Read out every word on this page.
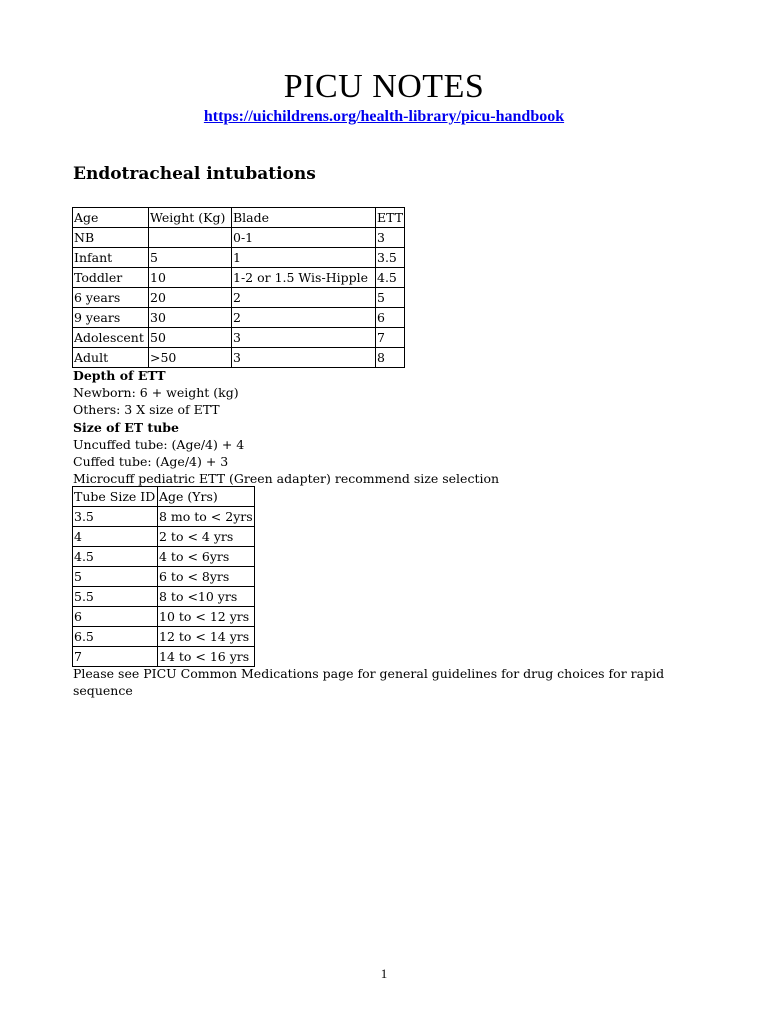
PICU NOTES
https://uichildrens.org/health-library/picu-handbook
Endotracheal intubations
Age	Weight (Kg)	Blade	ETT
NB		0-1	3
Infant	5	1	3.5
Toddler	10	1-2 or 1.5 Wis-Hipple	4.5
6 years	20	2	5
9 years	30	2	6
Adolescent	50	3	7
Adult	>50	3	8
Depth of ETT
Newborn: 6 + weight (kg)
Others: 3 X size of ETT
Size of ET tube
Uncuffed tube: (Age/4) + 4
Cuffed tube: (Age/4) + 3
Microcuff pediatric ETT (Green adapter) recommend size selection
Tube Size ID	Age (Yrs)
3.5	8 mo to < 2yrs
4	2 to < 4 yrs
4.5	4 to < 6yrs
5	6 to < 8yrs
5.5	8 to <10 yrs
6	10 to < 12 yrs
6.5	12 to < 14 yrs
7	14 to < 16 yrs
Please see PICU Common Medications page for general guidelines for drug choices for rapid sequence
1
